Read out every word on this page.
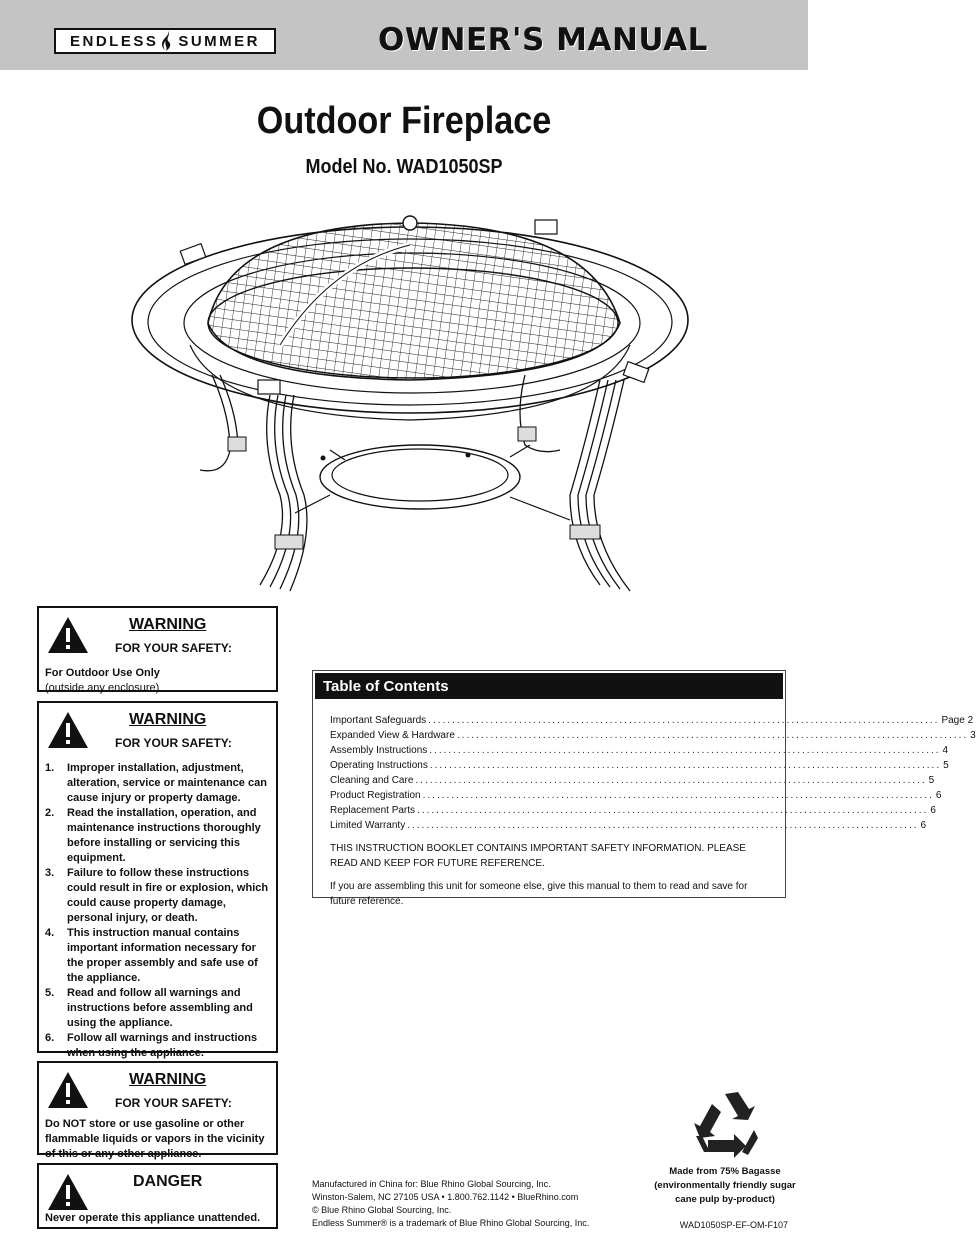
ENDLESS SUMMER	OWNER'S MANUAL
Outdoor Fireplace
Model No. WAD1050SP
WARNING
FOR YOUR SAFETY:
For Outdoor Use Only
(outside any enclosure)
WARNING
FOR YOUR SAFETY:
1. Improper installation, adjustment, alteration, service or maintenance can cause injury or property damage.
2. Read the installation, operation, and maintenance instructions thoroughly before installing or servicing this equipment.
3. Failure to follow these instructions could result in fire or explosion, which could cause property damage, personal injury, or death.
4. This instruction manual contains important information necessary for the proper assembly and safe use of the appliance.
5. Read and follow all warnings and instructions before assembling and using the appliance.
6. Follow all warnings and instructions when using the appliance.
WARNING
FOR YOUR SAFETY:
Do NOT store or use gasoline or other flammable liquids or vapors in the vicinity of this or any other appliance.
DANGER
Never operate this appliance unattended.
Table of Contents
Important Safeguards ........................................................................................................... Page 2
Expanded View & Hardware ........................................................................................................... 3
Assembly Instructions ........................................................................................................... 4
Operating Instructions ........................................................................................................... 5
Cleaning and Care ........................................................................................................... 5
Product Registration ........................................................................................................... 6
Replacement Parts ........................................................................................................... 6
Limited Warranty ........................................................................................................... 6
THIS INSTRUCTION BOOKLET CONTAINS IMPORTANT SAFETY INFORMATION. PLEASE READ AND KEEP FOR FUTURE REFERENCE.
If you are assembling this unit for someone else, give this manual to them to read and save for future reference.
Made from 75% Bagasse
(environmentally friendly sugar
cane pulp by-product)
Manufactured in China for: Blue Rhino Global Sourcing, Inc.
Winston-Salem, NC 27105 USA • 1.800.762.1142 • BlueRhino.com
© Blue Rhino Global Sourcing, Inc.
Endless Summer® is a trademark of Blue Rhino Global Sourcing, Inc.	WAD1050SP-EF-OM-F107
